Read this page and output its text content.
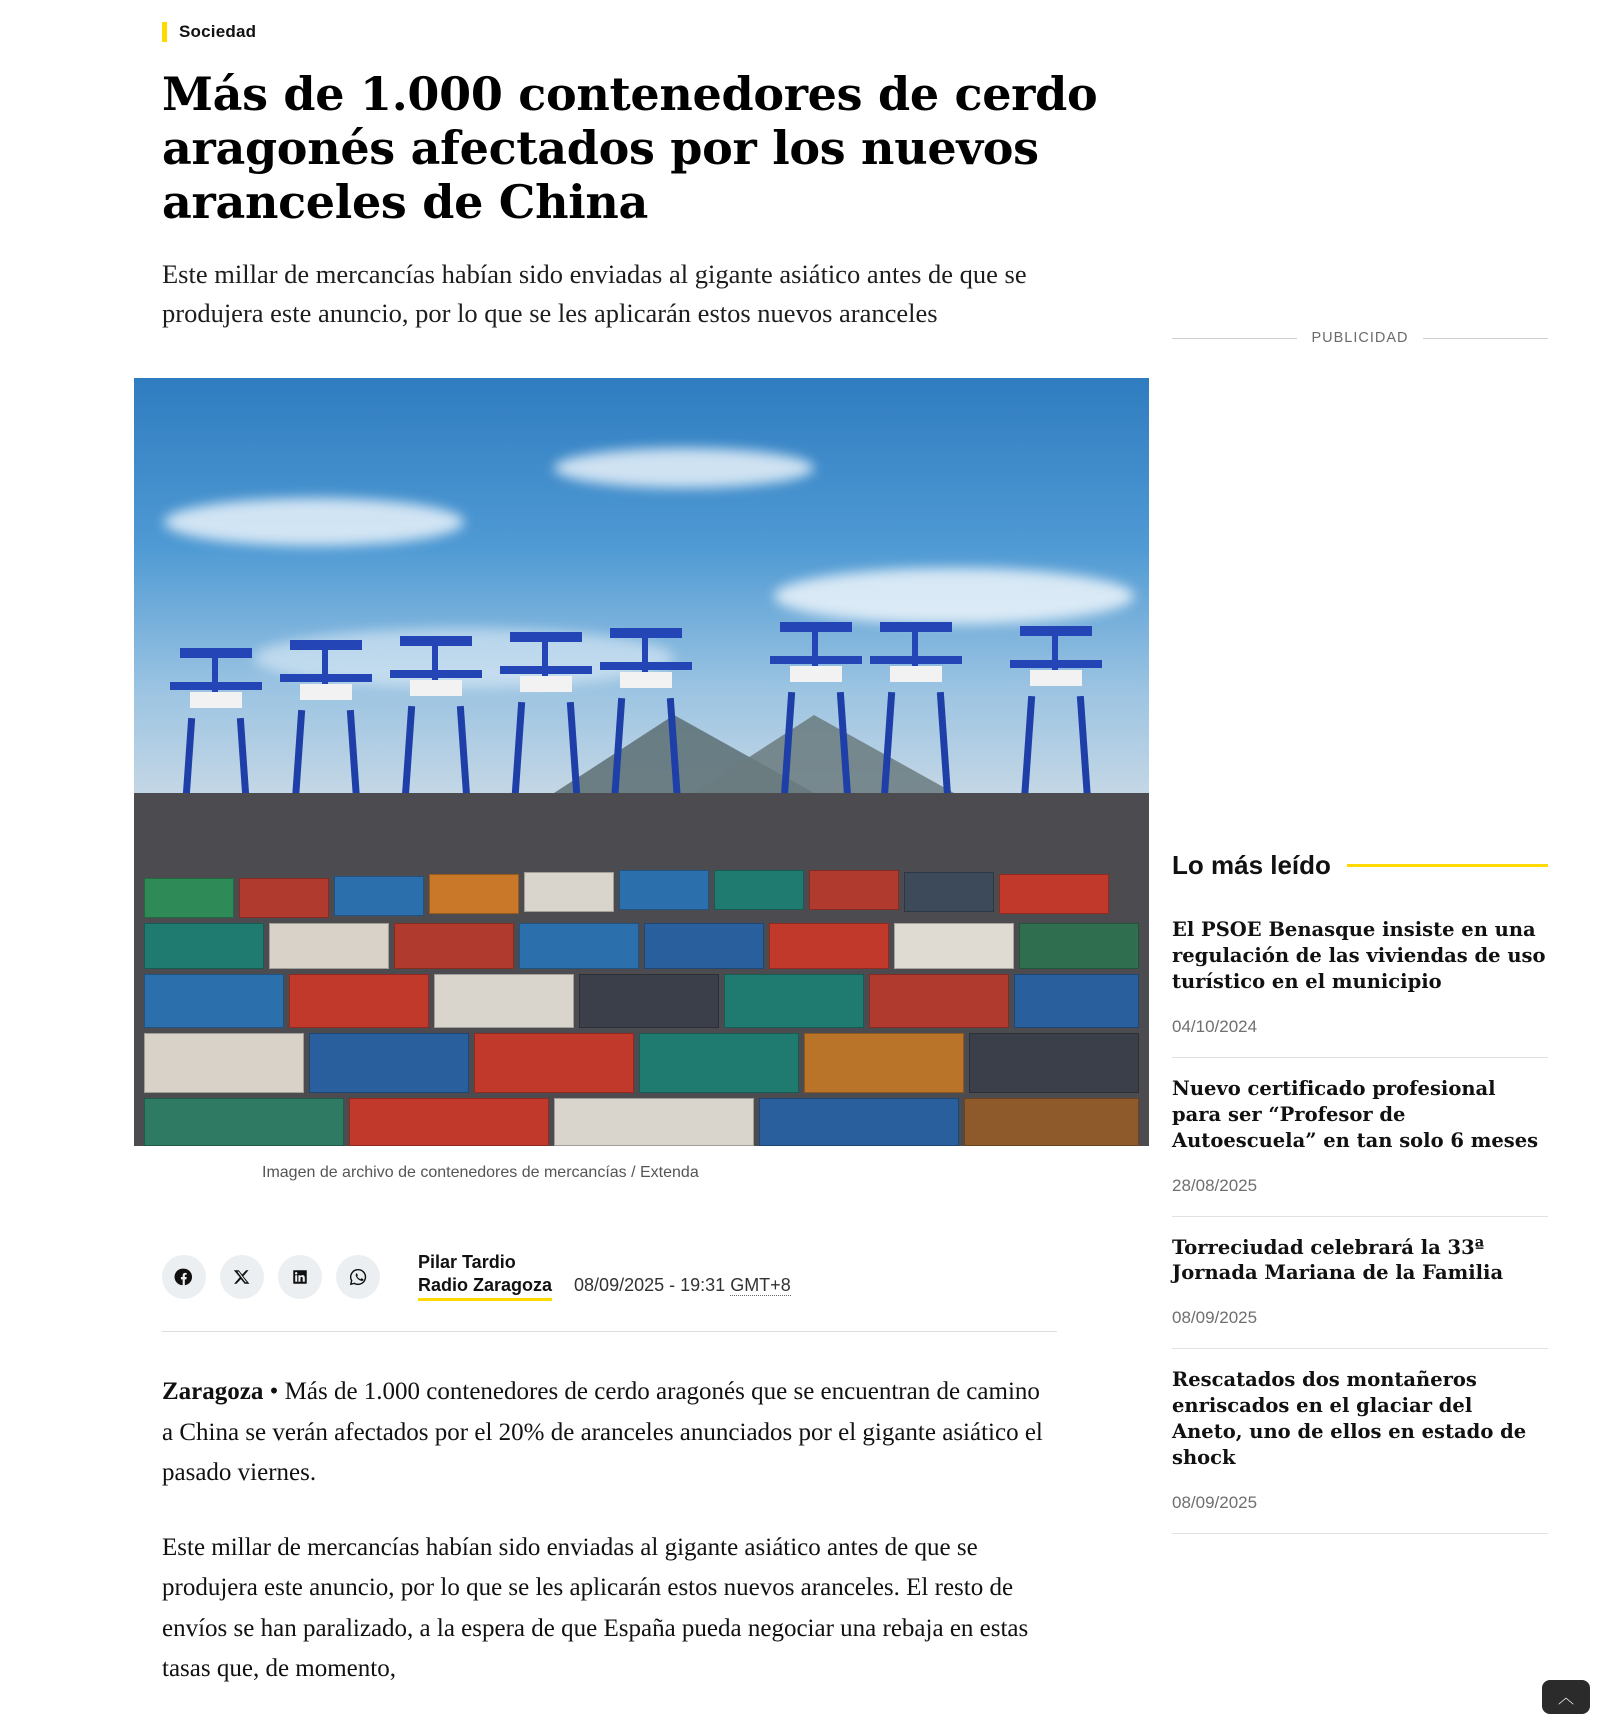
Sociedad
Más de 1.000 contenedores de cerdo aragonés afectados por los nuevos aranceles de China

Este millar de mercancías habían sido enviadas al gigante asiático antes de que se produjera este anuncio, por lo que se les aplicarán estos nuevos aranceles

Imagen de archivo de contenedores de mercancías / Extenda
Pilar Tardio
Radio Zaragoza 08/09/2025 - 19:31 GMT+8

Zaragoza • Más de 1.000 contenedores de cerdo aragonés que se encuentran de camino a China se verán afectados por el 20% de aranceles anunciados por el gigante asiático el pasado viernes.

Este millar de mercancías habían sido enviadas al gigante asiático antes de que se produjera este anuncio, por lo que se les aplicarán estos nuevos aranceles. El resto de envíos se han paralizado, a la espera de que España pueda negociar una rebaja en estas tasas que, de momento,

PUBLICIDAD
Lo más leído

El PSOE Benasque insiste en una regulación de las viviendas de uso turístico en el municipio

04/10/2024

Nuevo certificado profesional para ser “Profesor de Autoescuela” en tan solo 6 meses

28/08/2025

Torreciudad celebrará la 33ª Jornada Mariana de la Familia

08/09/2025

Rescatados dos montañeros enriscados en el glaciar del Aneto, uno de ellos en estado de shock

08/09/2025
︿
